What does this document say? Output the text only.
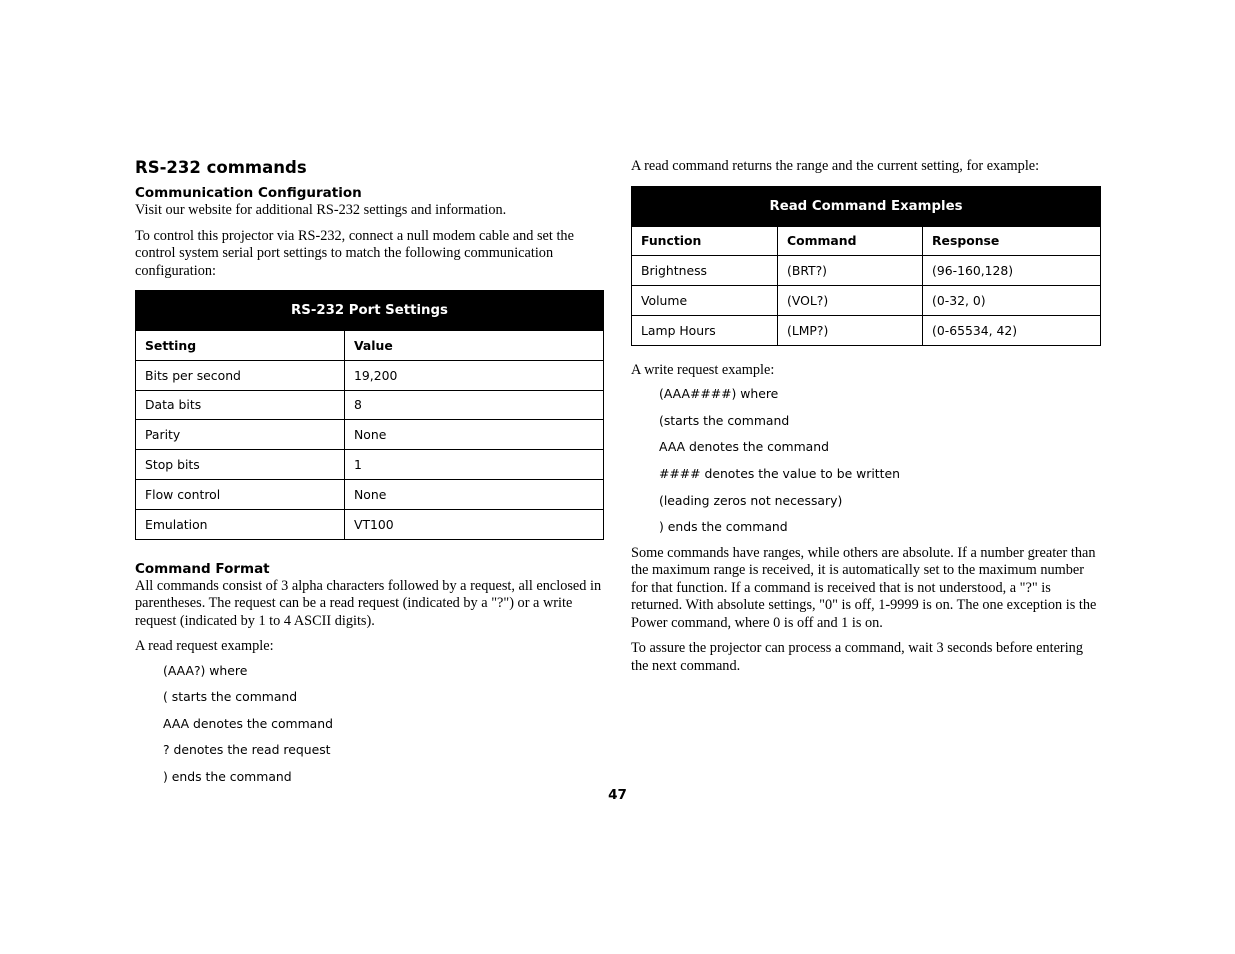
RS-232 commands
Communication Configuration

Visit our website for additional RS-232 settings and information.

To control this projector via RS-232, connect a null modem cable and set the control system serial port settings to match the following communication configuration:

RS-232 Port Settings	
Setting	Value
Bits per second	19,200
Data bits	8
Parity	None
Stop bits	1
Flow control	None
Emulation	VT100
Command Format

All commands consist of 3 alpha characters followed by a request, all enclosed in parentheses. The request can be a read request (indicated by a "?") or a write request (indicated by 1 to 4 ASCII digits).

A read request example:

(AAA?) where
( starts the command
AAA denotes the command
? denotes the read request
) ends the command

A read command returns the range and the current setting, for example:

Read Command Examples		
Function	Command	Response
Brightness	(BRT?)	(96-160,128)
Volume	(VOL?)	(0-32, 0)
Lamp Hours	(LMP?)	(0-65534, 42)

A write request example:

(AAA####) where
(starts the command
AAA denotes the command
#### denotes the value to be written
(leading zeros not necessary)
) ends the command

Some commands have ranges, while others are absolute. If a number greater than the maximum range is received, it is automatically set to the maximum number for that function. If a command is received that is not understood, a "?" is returned. With absolute settings, "0" is off, 1-9999 is on. The one exception is the Power command, where 0 is off and 1 is on.

To assure the projector can process a command, wait 3 seconds before entering the next command.

47
